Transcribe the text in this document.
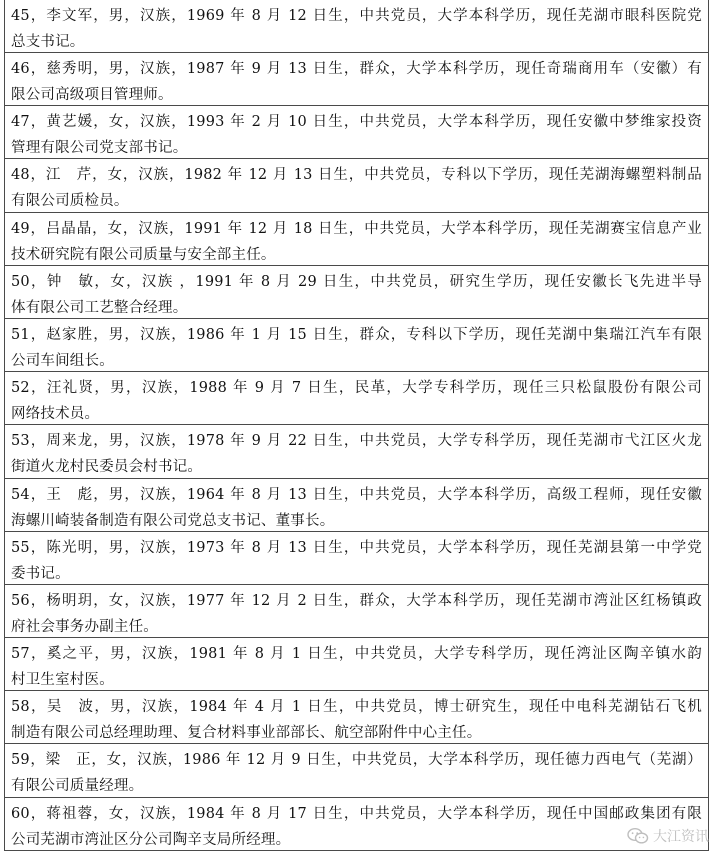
45，李文军，男，汉族，1969 年 8 月 12 日生，中共党员，大学本科学历，现任芜湖市眼科医院党
总支书记。
46，慈秀明，男，汉族，1987 年 9 月 13 日生，群众，大学本科学历，现任奇瑞商用车（安徽）有
限公司高级项目管理师。
47，黄艺媛，女，汉族，1993 年 2 月 10 日生，中共党员，大学本科学历，现任安徽中梦维家投资
管理有限公司党支部书记。
48，江　芹，女，汉族，1982 年 12 月 13 日生，中共党员，专科以下学历，现任芜湖海螺塑料制品
有限公司质检员。
49，吕晶晶，女，汉族，1991 年 12 月 18 日生，中共党员，大学本科学历，现任芜湖赛宝信息产业
技术研究院有限公司质量与安全部主任。
50，钟　敏，女，汉族 ，1991 年 8 月 29 日生，中共党员，研究生学历，现任安徽长飞先进半导
体有限公司工艺整合经理。
51，赵家胜，男，汉族，1986 年 1 月 15 日生，群众，专科以下学历，现任芜湖中集瑞江汽车有限
公司车间组长。
52，汪礼贤，男，汉族，1988 年 9 月 7 日生，民革，大学专科学历，现任三只松鼠股份有限公司
网络技术员。
53，周来龙，男，汉族，1978 年 9 月 22 日生，中共党员，大学专科学历，现任芜湖市弋江区火龙
街道火龙村民委员会村书记。
54，王　彪，男，汉族，1964 年 8 月 13 日生，中共党员，大学本科学历，高级工程师，现任安徽
海螺川崎装备制造有限公司党总支书记、董事长。
55，陈光明，男，汉族，1973 年 8 月 13 日生，中共党员，大学本科学历，现任芜湖县第一中学党
委书记。
56，杨明玥，女，汉族，1977 年 12 月 2 日生，群众，大学本科学历，现任芜湖市湾沚区红杨镇政
府社会事务办副主任。
57，奚之平，男，汉族，1981 年 8 月 1 日生，中共党员，大学专科学历，现任湾沚区陶辛镇水韵
村卫生室村医。
58，吴　波，男，汉族，1984 年 4 月 1 日生，中共党员，博士研究生，现任中电科芜湖钻石飞机
制造有限公司总经理助理、复合材料事业部部长、航空部附件中心主任。
59，梁　正，女，汉族，1986 年 12 月 9 日生，中共党员，大学本科学历，现任德力西电气（芜湖）
有限公司质量经理。
60，蒋祖蓉，女，汉族，1984 年 8 月 17 日生，中共党员，大学本科学历，现任中国邮政集团有限
公司芜湖市湾沚区分公司陶辛支局所经理。	大江资讯
